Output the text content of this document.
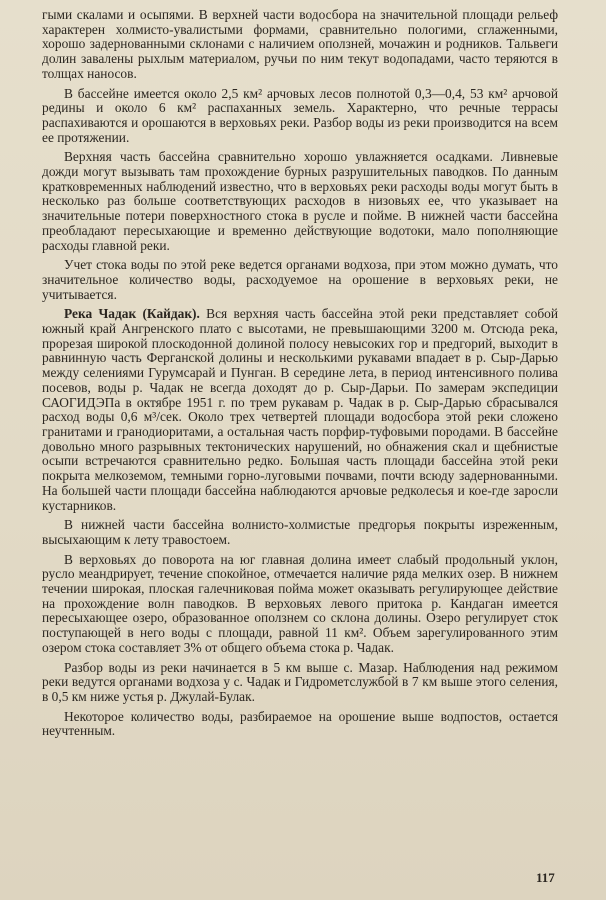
гыми скалами и осыпями. В верхней части водосбора на значительной площади рельеф характерен холмисто-увалистыми формами, сравнительно пологими, сглаженными, хорошо задернованными склонами с наличием оползней, мочажин и родников. Тальвеги долин завалены рыхлым материалом, ручьи по ним текут водопадами, часто теряются в толщах наносов.

В бассейне имеется около 2,5 км² арчовых лесов полнотой 0,3—0,4, 53 км² арчовой редины и около 6 км² распаханных земель. Характерно, что речные террасы распахиваются и орошаются в верховьях реки. Разбор воды из реки производится на всем ее протяжении.

Верхняя часть бассейна сравнительно хорошо увлажняется осадками. Ливневые дожди могут вызывать там прохождение бурных разрушительных паводков. По данным кратковременных наблюдений известно, что в верховьях реки расходы воды могут быть в несколько раз больше соответствующих расходов в низовьях ее, что указывает на значительные потери поверхностного стока в русле и пойме. В нижней части бассейна преобладают пересыхающие и временно действующие водотоки, мало пополняющие расходы главной реки.

Учет стока воды по этой реке ведется органами водхоза, при этом можно думать, что значительное количество воды, расходуемое на орошение в верховьях реки, не учитывается.

Река Чадак (Кайдак). Вся верхняя часть бассейна этой реки представляет собой южный край Ангренского плато с высотами, не превышающими 3200 м. Отсюда река, прорезая широкой плоскодонной долиной полосу невысоких гор и предгорий, выходит в равнинную часть Ферганской долины и несколькими рукавами впадает в р. Сыр-Дарью между селениями Гурумсарай и Пунган. В середине лета, в период интенсивного полива посевов, воды р. Чадак не всегда доходят до р. Сыр-Дарьи. По замерам экспедиции САОГИДЭПа в октябре 1951 г. по трем рукавам р. Чадак в р. Сыр-Дарью сбрасывался расход воды 0,6 м³/сек. Около трех четвертей площади водосбора этой реки сложено гранитами и гранодиоритами, а остальная часть порфир-туфовыми породами. В бассейне довольно много разрывных тектонических нарушений, но обнажения скал и щебнистые осыпи встречаются сравнительно редко. Большая часть площади бассейна этой реки покрыта мелкоземом, темными горно-луговыми почвами, почти всюду задернованными. На большей части площади бассейна наблюдаются арчовые редколесья и кое-где заросли кустарников.

В нижней части бассейна волнисто-холмистые предгорья покрыты изреженным, высыхающим к лету травостоем.

В верховьях до поворота на юг главная долина имеет слабый продольный уклон, русло меандрирует, течение спокойное, отмечается наличие ряда мелких озер. В нижнем течении широкая, плоская галечниковая пойма может оказывать регулирующее действие на прохождение волн паводков. В верховьях левого притока р. Кандаган имеется пересыхающее озеро, образованное оползнем со склона долины. Озеро регулирует сток поступающей в него воды с площади, равной 11 км². Объем зарегулированного этим озером стока составляет 3% от общего объема стока р. Чадак.

Разбор воды из реки начинается в 5 км выше с. Мазар. Наблюдения над режимом реки ведутся органами водхоза у с. Чадак и Гидрометслужбой в 7 км выше этого селения, в 0,5 км ниже устья р. Джулай-Булак.

Некоторое количество воды, разбираемое на орошение выше водпостов, остается неучтенным.

117
